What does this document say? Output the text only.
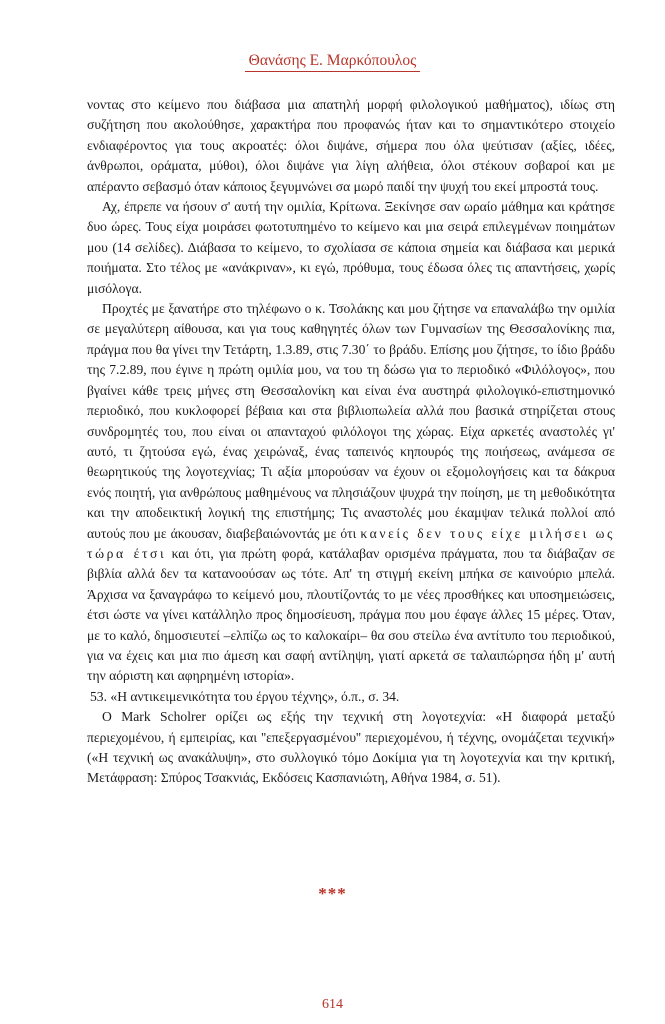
Θανάσης Ε. Μαρκόπουλος

νοντας στο κείμενο που διάβασα μια απατηλή μορφή φιλολογικού μαθήματος), ιδίως στη συζήτηση που ακολούθησε, χαρακτήρα που προφανώς ήταν και το σημαντικότερο στοιχείο ενδιαφέροντος για τους ακροατές: όλοι διψάνε, σήμερα που όλα ψεύτισαν (αξίες, ιδέες, άνθρωποι, οράματα, μύθοι), όλοι διψάνε για λίγη αλήθεια, όλοι στέκουν σοβαροί και με απέραντο σεβασμό όταν κάποιος ξεγυμνώνει σα μωρό παιδί την ψυχή του εκεί μπροστά τους.

Αχ, έπρεπε να ήσουν σ' αυτή την ομιλία, Κρίτωνα. Ξεκίνησε σαν ωραίο μάθημα και κράτησε δυο ώρες. Τους είχα μοιράσει φωτοτυπημένο το κείμενο και μια σειρά επιλεγμένων ποιημάτων μου (14 σελίδες). Διάβασα το κείμενο, το σχολίασα σε κάποια σημεία και διάβασα και μερικά ποιήματα. Στο τέλος με «ανάκριναν», κι εγώ, πρόθυμα, τους έδωσα όλες τις απαντήσεις, χωρίς μισόλογα.

Προχτές με ξανατήρε στο τηλέφωνο ο κ. Τσολάκης και μου ζήτησε να επαναλάβω την ομιλία σε μεγαλύτερη αίθουσα, και για τους καθηγητές όλων των Γυμνασίων της Θεσσαλονίκης πια, πράγμα που θα γίνει την Τετάρτη, 1.3.89, στις 7.30΄ το βράδυ. Επίσης μου ζήτησε, το ίδιο βράδυ της 7.2.89, που έγινε η πρώτη ομιλία μου, να του τη δώσω για το περιοδικό «Φιλόλογος», που βγαίνει κάθε τρεις μήνες στη Θεσσαλονίκη και είναι ένα αυστηρά φιλολογικό-επιστημονικό περιοδικό, που κυκλοφορεί βέβαια και στα βιβλιοπωλεία αλλά που βασικά στηρίζεται στους συνδρομητές του, που είναι οι απανταχού φιλόλογοι της χώρας. Είχα αρκετές αναστολές γι' αυτό, τι ζητούσα εγώ, ένας χειρώναξ, ένας ταπεινός κηπουρός της ποιήσεως, ανάμεσα σε θεωρητικούς της λογοτεχνίας; Τι αξία μπορούσαν να έχουν οι εξομολογήσεις και τα δάκρυα ενός ποιητή, για ανθρώπους μαθημένους να πλησιάζουν ψυχρά την ποίηση, με τη μεθοδικότητα και την αποδεικτική λογική της επιστήμης; Τις αναστολές μου έκαμψαν τελικά πολλοί από αυτούς που με άκουσαν, διαβεβαιώνοντάς με ότι κανείς δεν τους είχε μιλήσει ως τώρα έτσι και ότι, για πρώτη φορά, κατάλαβαν ορισμένα πράγματα, που τα διάβαζαν σε βιβλία αλλά δεν τα κατανοούσαν ως τότε. Απ' τη στιγμή εκείνη μπήκα σε καινούριο μπελά. Άρχισα να ξαναγράφω το κείμενό μου, πλουτίζοντάς το με νέες προσθήκες και υποσημειώσεις, έτσι ώστε να γίνει κατάλληλο προς δημοσίευση, πράγμα που μου έφαγε άλλες 15 μέρες. Όταν, με το καλό, δημοσιευτεί –ελπίζω ως το καλοκαίρι– θα σου στείλω ένα αντίτυπο του περιοδικού, για να έχεις και μια πιο άμεση και σαφή αντίληψη, γιατί αρκετά σε ταλαιπώρησα ήδη μ' αυτή την αόριστη και αφηρημένη ιστορία».

53. «Η αντικειμενικότητα του έργου τέχνης», ό.π., σ. 34.

Ο Mark Scholrer ορίζει ως εξής την τεχνική στη λογοτεχνία: «Η διαφορά μεταξύ περιεχομένου, ή εμπειρίας, και ''επεξεργασμένου'' περιεχομένου, ή τέχνης, ονομάζεται τεχνική» («Η τεχνική ως ανακάλυψη», στο συλλογικό τόμο Δοκίμια για τη λογοτεχνία και την κριτική, Μετάφραση: Σπύρος Τσακνιάς, Εκδόσεις Κασπανιώτη, Αθήνα 1984, σ. 51).

***
614
